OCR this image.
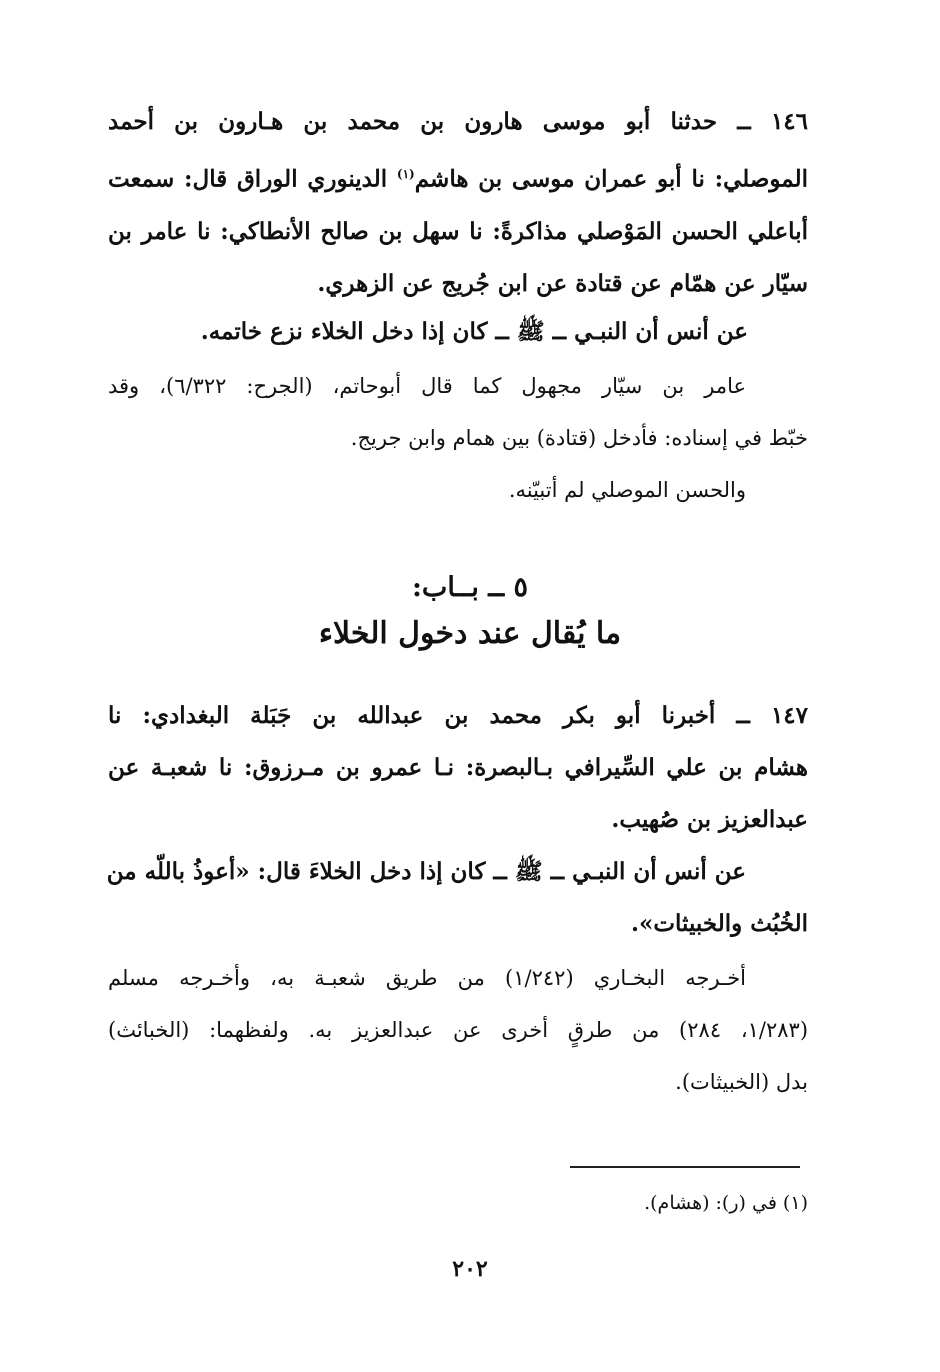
١٤٦ ــ حدثنا أبو موسى هارون بن محمد بن هـارون بن أحمد
الموصلي: نا أبو عمران موسى بن هاشم$^{(١)}$ الدينوري الوراق قال: سمعت
أباعلي الحسن المَوْصلي مذاكرةً: نا سهل بن صالح الأنطاكي: نا عامر بن
سيّار عن همّام عن قتادة عن ابن جُريج عن الزهري.
عن أنس أن النبـي ــ ﷺ ــ كان إذا دخل الخلاء نزع خاتمه.
عامر بن سيّار مجهول كما قال أبوحاتم، (الجرح: ٦/٣٢٢)، وقد
خبّط في إسناده: فأدخل (قتادة) بين همام وابن جريج.
والحسن الموصلي لم أتبيّنه.
٥ ــ بــاب:
ما يُقال عند دخول الخلاء
١٤٧ ــ أخبرنا أبو بكر محمد بن عبدالله بن جَبَلة البغدادي: نا
هشام بن علي السِّيرافي بـالبصرة: نـا عمرو بن مـرزوق: نا شعبـة عن
عبدالعزيز بن صُهيب.
عن أنس أن النبـي ــ ﷺ ــ كان إذا دخل الخلاءَ قال: «أعوذُ باللّه من
الخُبُث والخبيثات».
أخـرجه البخـاري (١/٢٤٢) من طريق شعبـة به، وأخـرجه مسلم
(١/٢٨٣، ٢٨٤) من طرقٍ أخرى عن عبدالعزيز به. ولفظهما: (الخبائث)
بدل (الخبيثات).
(١) في (ر): (هشام).
٢٠٢
